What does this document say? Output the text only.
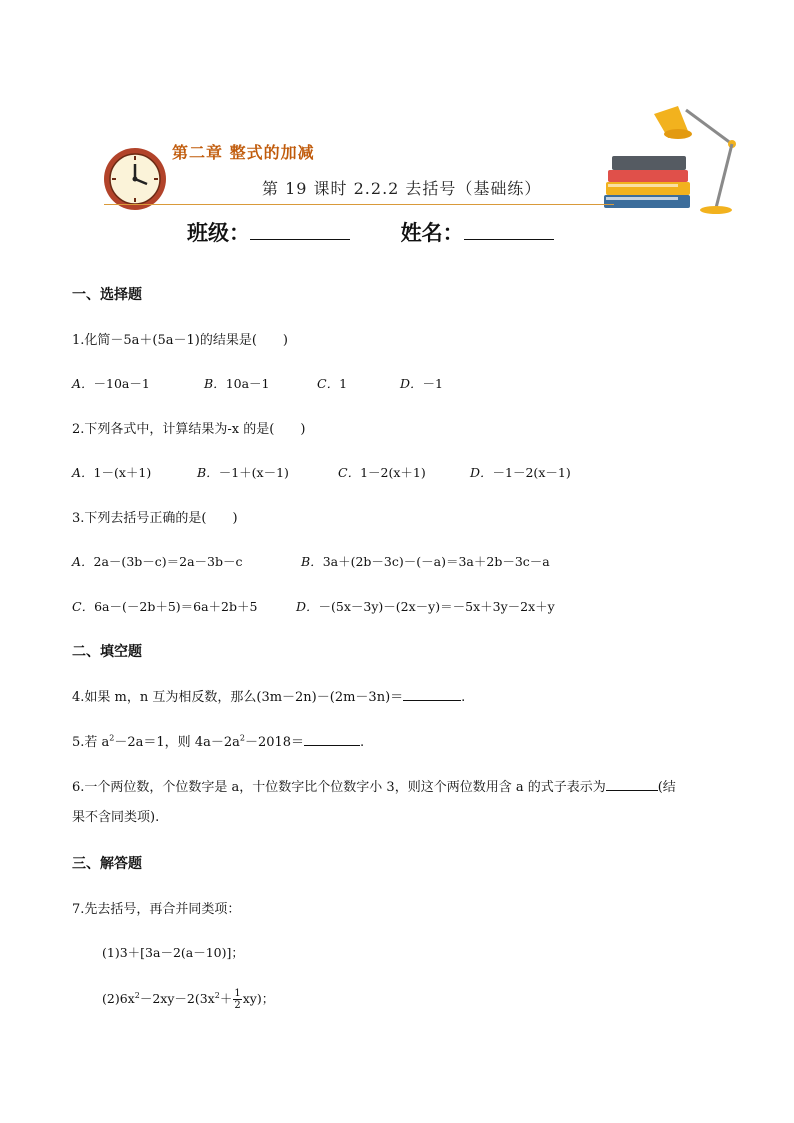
第二章 整式的加减
第 19 课时 2.2.2 去括号（基础练）
班级：	姓名：
一、选择题
1.化简－5a＋(5a－1)的结果是(　　)
A．－10a－1	B．10a－1	C．1	D．－1
2.下列各式中，计算结果为-x 的是(　　)
A．1－(x＋1)	B．－1＋(x－1)	C．1－2(x＋1)	D．－1－2(x－1)
3.下列去括号正确的是(　　)
A．2a－(3b－c)＝2a－3b－c	B．3a＋(2b－3c)－(－a)＝3a＋2b－3c－a
C．6a－(－2b＋5)＝6a＋2b＋5	D．－(5x－3y)－(2x－y)＝－5x＋3y－2x＋y
二、填空题
4.如果 m，n 互为相反数，那么(3m－2n)－(2m－3n)＝	.
5.若 $a^2-2a=1$，则 $4a-2a^2-2018=$	.
6.一个两位数，个位数字是 a，十位数字比个位数字小 3，则这个两位数用含 a 的式子表示为	(结
果不含同类项).
三、解答题
7.先去括号，再合并同类项：
(1)3＋[3a－2(a－10)]；
$(2)6x^2-2xy-2(3x^2+ \frac{1}{2} xy)$；
